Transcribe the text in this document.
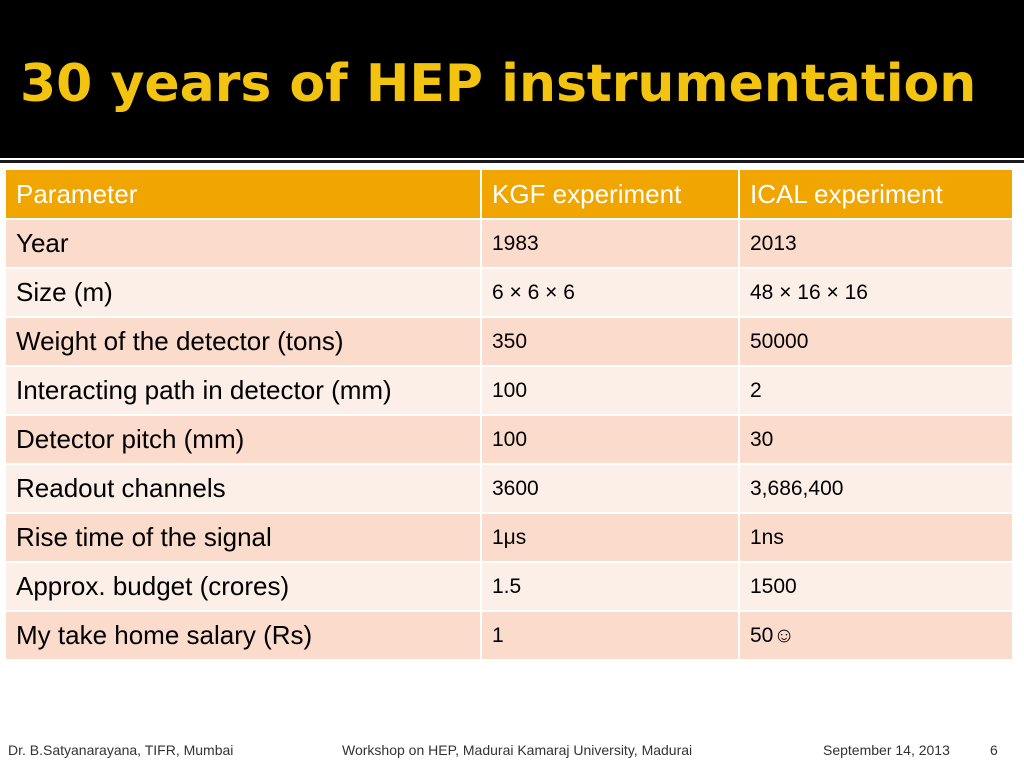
30 years of HEP instrumentation
Parameter	KGF experiment	ICAL experiment
Year	1983	2013
Size (m)	6 × 6 × 6	48 × 16 × 16
Weight of the detector (tons)	350	50000
Interacting path in detector (mm)	100	2
Detector pitch (mm)	100	30
Readout channels	3600	3,686,400
Rise time of the signal	1μs	1ns
Approx. budget (crores)	1.5	1500
My take home salary (Rs)	1	50☺
Dr. B.Satyanarayana, TIFR, Mumbai	Workshop on HEP, Madurai Kamaraj University, Madurai	September 14, 2013	6
